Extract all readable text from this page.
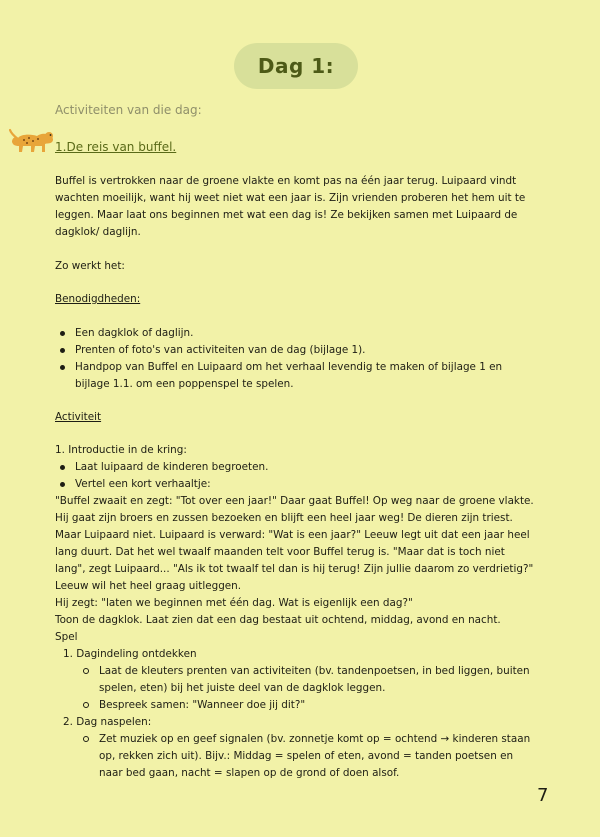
Dag 1:
Activiteiten van die dag:
1.De reis van buffel.

Buffel is vertrokken naar de groene vlakte en komt pas na één jaar terug. Luipaard vindt wachten moeilijk, want hij weet niet wat een jaar is. Zijn vrienden proberen het hem uit te leggen. Maar laat ons beginnen met wat een dag is! Ze bekijken samen met Luipaard de dagklok/ daglijn.

Zo werkt het:
Benodigdheden:
Een dagklok of daglijn.
Prenten of foto's van activiteiten van de dag (bijlage 1).
Handpop van Buffel en Luipaard om het verhaal levendig te maken of bijlage 1 en bijlage 1.1. om een poppenspel te spelen.
Activiteit

1. Introductie in de kring:

Laat luipaard de kinderen begroeten.
Vertel een kort verhaaltje:

"Buffel zwaait en zegt: "Tot over een jaar!" Daar gaat Buffel! Op weg naar de groene vlakte. Hij gaat zijn broers en zussen bezoeken en blijft een heel jaar weg! De dieren zijn triest. Maar Luipaard niet. Luipaard is verward: "Wat is een jaar?" Leeuw legt uit dat een jaar heel lang duurt. Dat het wel twaalf maanden telt voor Buffel terug is. "Maar dat is toch niet lang", zegt Luipaard... "Als ik tot twaalf tel dan is hij terug! Zijn jullie daarom zo verdrietig?"

Leeuw wil het heel graag uitleggen.

Hij zegt: "laten we beginnen met één dag. Wat is eigenlijk een dag?"

Toon de dagklok. Laat zien dat een dag bestaat uit ochtend, middag, avond en nacht.

Spel

1. Dagindeling ontdekken

Laat de kleuters prenten van activiteiten (bv. tandenpoetsen, in bed liggen, buiten spelen, eten) bij het juiste deel van de dagklok leggen.
Bespreek samen: "Wanneer doe jij dit?"

2. Dag naspelen:

Zet muziek op en geef signalen (bv. zonnetje komt op = ochtend → kinderen staan op, rekken zich uit). Bijv.: Middag = spelen of eten, avond = tanden poetsen en naar bed gaan, nacht = slapen op de grond of doen alsof.
7
